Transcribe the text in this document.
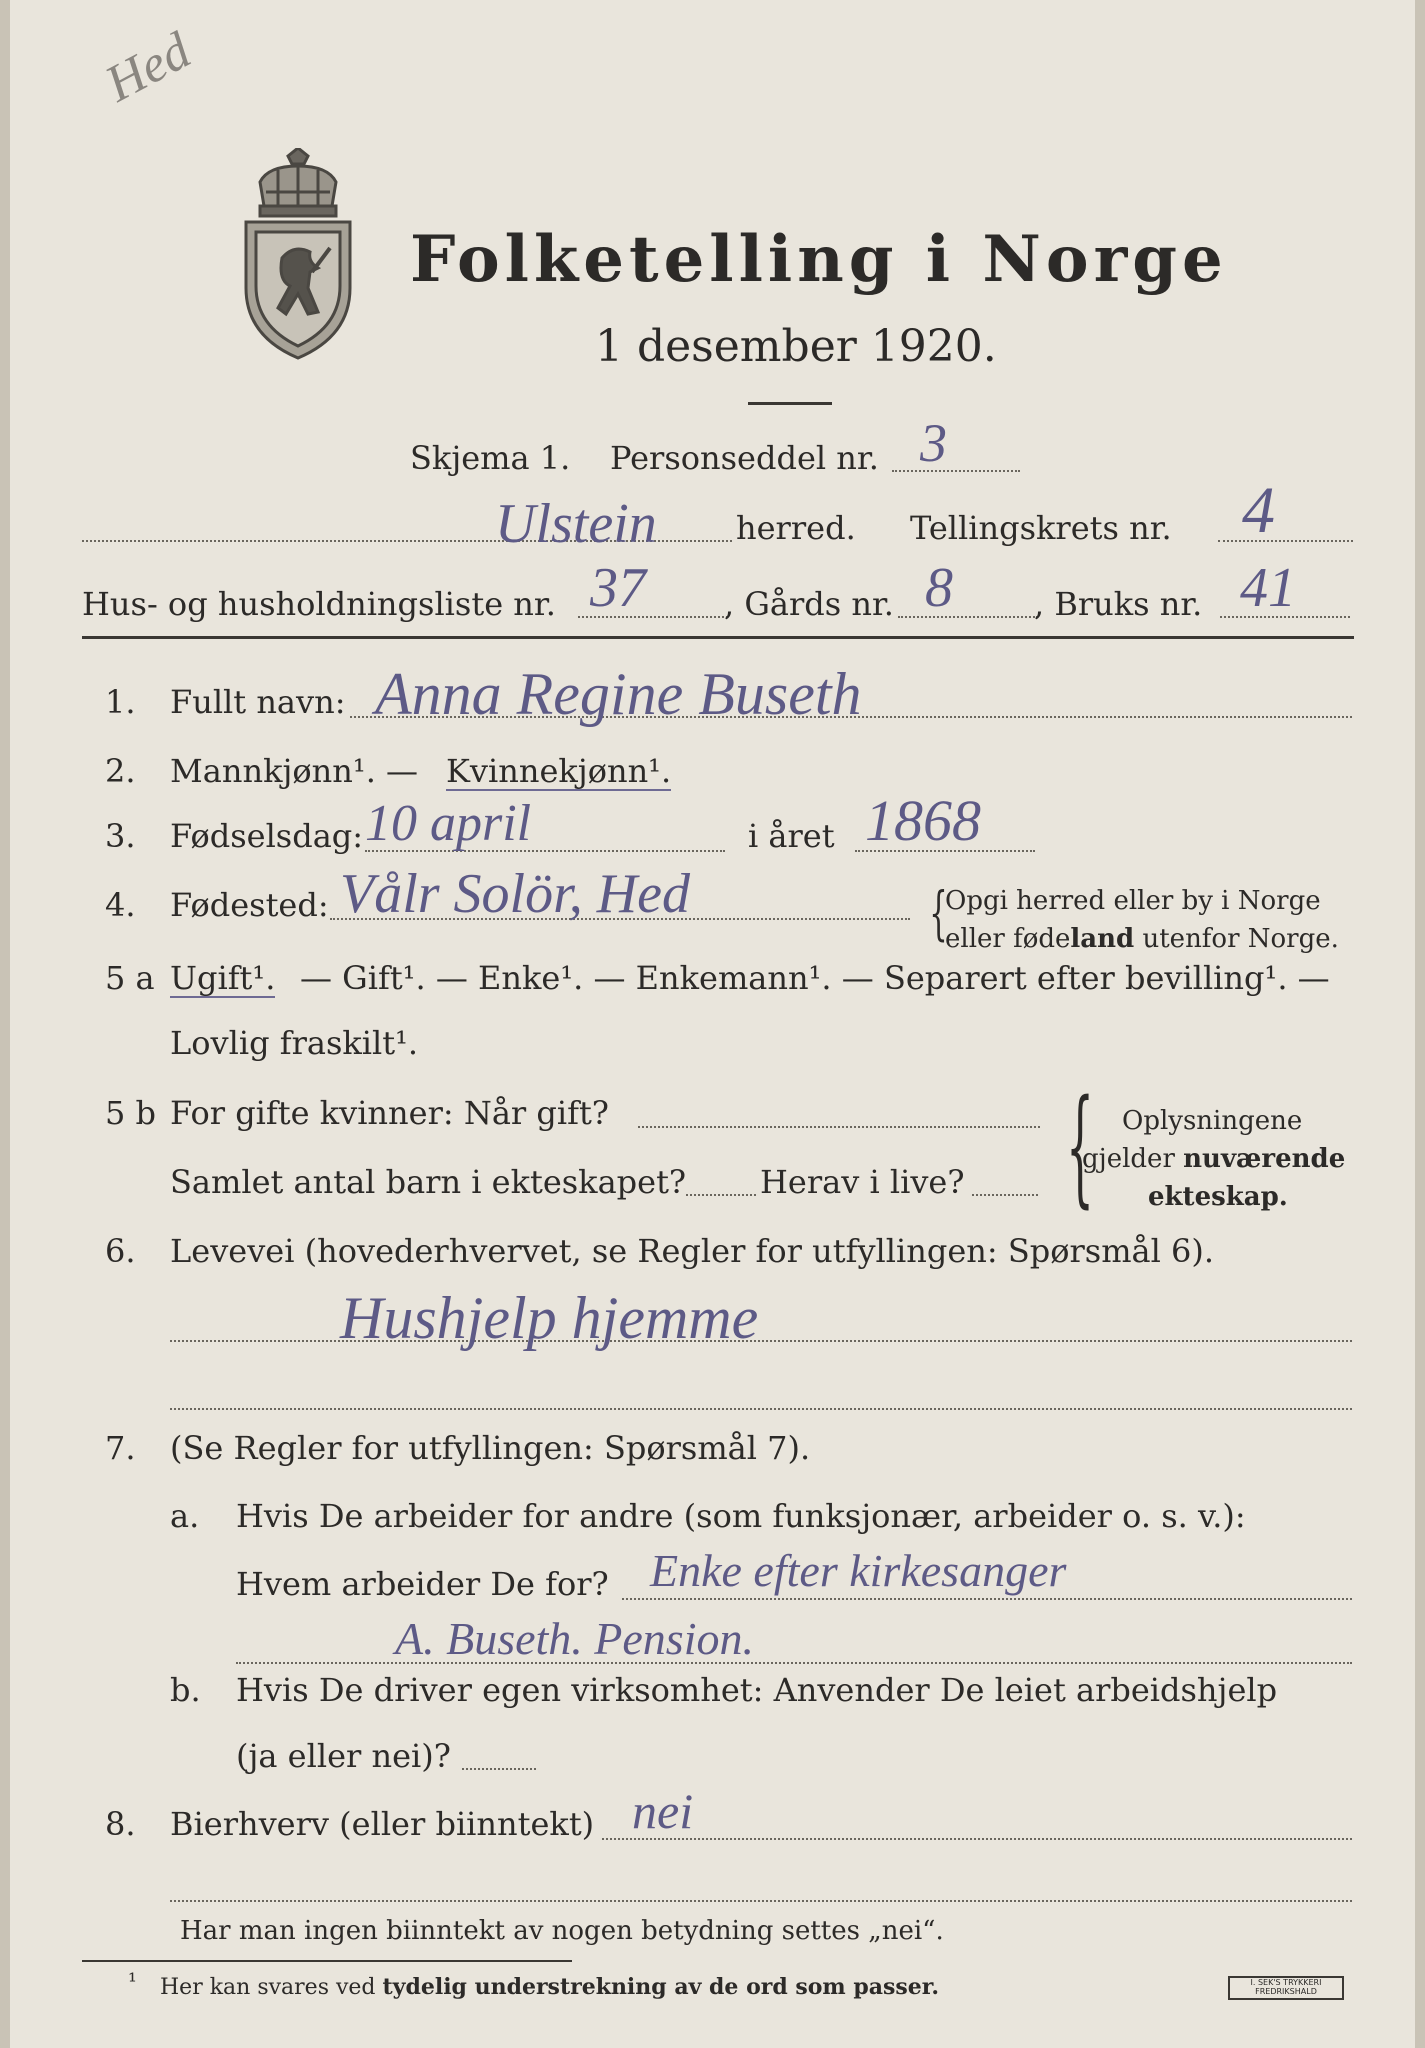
Hed
Folketelling i Norge
1 desember 1920.
Skjema 1. Personseddel nr. 3
Ulstein herred. Tellingskrets nr. 4
Hus- og husholdningsliste nr. 37 , Gårds nr. 8	, Bruks nr. 41
1. Fullt navn: Anna Regine Buseth
2. Mannkjønn¹. — Kvinnekjønn¹.
3. Fødselsdag: 10 april	i året 1868
4. Fødested: Vålr Solör, Hed	{
Opgi herred eller by i Norge
eller fødeland utenfor Norge.
5 a Ugift¹. — Gift¹. — Enke¹. — Enkemann¹. — Separert efter bevilling¹. —
Lovlig fraskilt¹.
5 b For gifte kvinner: Når gift?
Samlet antal barn i ekteskapet? Herav i live? { Oplysningene
gjelder nuværende
ekteskap.
6. Levevei (hovederhvervet, se Regler for utfyllingen: Spørsmål 6).
Hushjelp hjemme
7. (Se Regler for utfyllingen: Spørsmål 7).
a. Hvis De arbeider for andre (som funksjonær, arbeider o. s. v.):
Hvem arbeider De for? Enke efter kirkesanger
A. Buseth. Pension.
b. Hvis De driver egen virksomhet: Anvender De leiet arbeidshjelp
(ja eller nei)?
8. Bierhverv (eller biinntekt) nei
Har man ingen biinntekt av nogen betydning settes „nei“.
¹ Her kan svares ved tydelig understrekning av de ord som passer.	I. SEK'S TRYKKERI
FREDRIKSHALD
